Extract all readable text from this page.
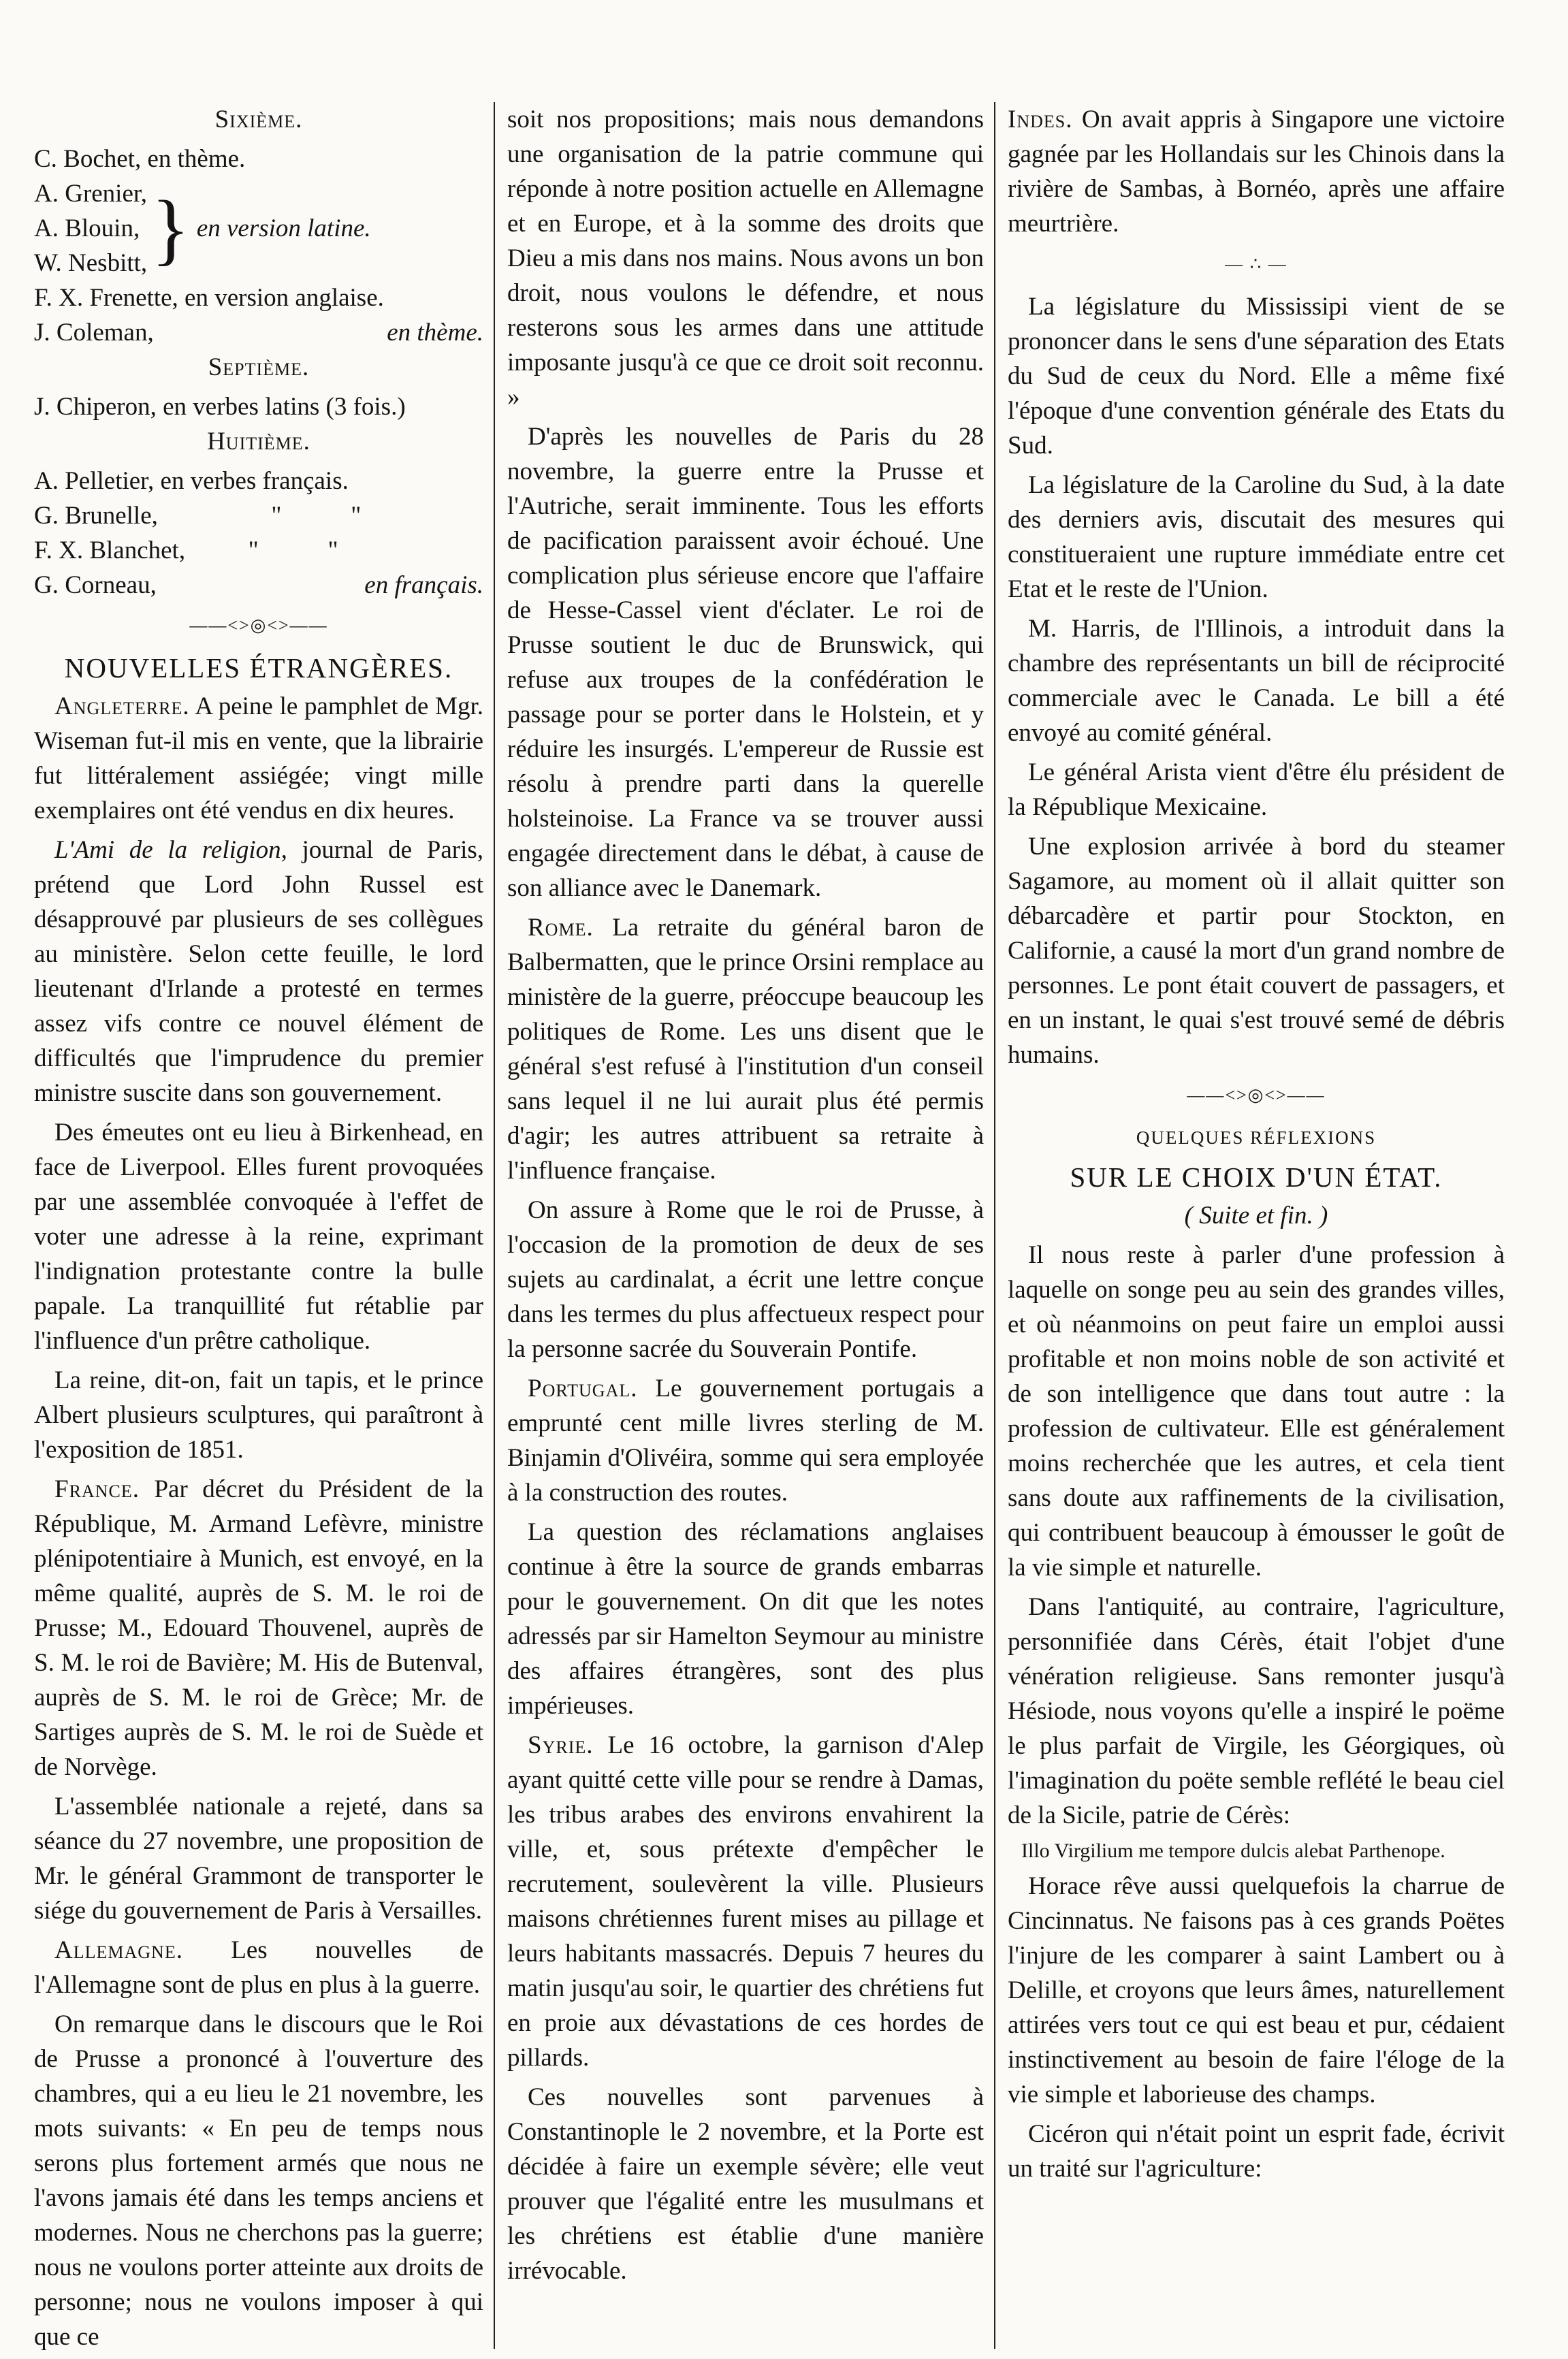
Sixième.

C. Bochet, en thème.
A. Grenier,
A. Blouin,
W. Nesbitt, } en version latine.
F. X. Frenette, en version anglaise.
J. Coleman,	en thème.

Septième.

J. Chiperon, en verbes latins (3 fois.)

Huitième.

A. Pelletier, en verbes français.
G. Brunelle,                  "           "
F. X. Blanchet,          "           "
G. Corneau,	en français.
——<>◎<>——
NOUVELLES ÉTRANGÈRES.

Angleterre. A peine le pamphlet de Mgr. Wiseman fut-il mis en vente, que la librairie fut littéralement assiégée; vingt mille exemplaires ont été vendus en dix heures.

L'Ami de la religion, journal de Paris, prétend que Lord John Russel est désapprouvé par plusieurs de ses collègues au ministère. Selon cette feuille, le lord lieutenant d'Irlande a protesté en termes assez vifs contre ce nouvel élément de difficultés que l'imprudence du premier ministre suscite dans son gouvernement.

Des émeutes ont eu lieu à Birkenhead, en face de Liverpool. Elles furent provoquées par une assemblée convoquée à l'effet de voter une adresse à la reine, exprimant l'indignation protestante contre la bulle papale. La tranquillité fut rétablie par l'influence d'un prêtre catholique.

La reine, dit-on, fait un tapis, et le prince Albert plusieurs sculptures, qui paraîtront à l'exposition de 1851.

France. Par décret du Président de la République, M. Armand Lefèvre, ministre plénipotentiaire à Munich, est envoyé, en la même qualité, auprès de S. M. le roi de Prusse; M., Edouard Thouvenel, auprès de S. M. le roi de Bavière; M. His de Butenval, auprès de S. M. le roi de Grèce; Mr. de Sartiges auprès de S. M. le roi de Suède et de Norvège.

L'assemblée nationale a rejeté, dans sa séance du 27 novembre, une proposition de Mr. le général Grammont de transporter le siége du gouvernement de Paris à Versailles.

Allemagne. Les nouvelles de l'Allemagne sont de plus en plus à la guerre.

On remarque dans le discours que le Roi de Prusse a prononcé à l'ouverture des chambres, qui a eu lieu le 21 novembre, les mots suivants: « En peu de temps nous serons plus fortement armés que nous ne l'avons jamais été dans les temps anciens et modernes. Nous ne cherchons pas la guerre; nous ne voulons porter atteinte aux droits de personne; nous ne voulons imposer à qui que ce

soit nos propositions; mais nous demandons une organisation de la patrie commune qui réponde à notre position actuelle en Allemagne et en Europe, et à la somme des droits que Dieu a mis dans nos mains. Nous avons un bon droit, nous voulons le défendre, et nous resterons sous les armes dans une attitude imposante jusqu'à ce que ce droit soit reconnu. »

D'après les nouvelles de Paris du 28 novembre, la guerre entre la Prusse et l'Autriche, serait imminente. Tous les efforts de pacification paraissent avoir échoué. Une complication plus sérieuse encore que l'affaire de Hesse-Cassel vient d'éclater. Le roi de Prusse soutient le duc de Brunswick, qui refuse aux troupes de la confédération le passage pour se porter dans le Holstein, et y réduire les insurgés. L'empereur de Russie est résolu à prendre parti dans la querelle holsteinoise. La France va se trouver aussi engagée directement dans le débat, à cause de son alliance avec le Danemark.

Rome. La retraite du général baron de Balbermatten, que le prince Orsini remplace au ministère de la guerre, préoccupe beaucoup les politiques de Rome. Les uns disent que le général s'est refusé à l'institution d'un conseil sans lequel il ne lui aurait plus été permis d'agir; les autres attribuent sa retraite à l'influence française.

On assure à Rome que le roi de Prusse, à l'occasion de la promotion de deux de ses sujets au cardinalat, a écrit une lettre conçue dans les termes du plus affectueux respect pour la personne sacrée du Souverain Pontife.

Portugal. Le gouvernement portugais a emprunté cent mille livres sterling de M. Binjamin d'Olivéira, somme qui sera employée à la construction des routes.

La question des réclamations anglaises continue à être la source de grands embarras pour le gouvernement. On dit que les notes adressés par sir Hamelton Seymour au ministre des affaires étrangères, sont des plus impérieuses.

Syrie. Le 16 octobre, la garnison d'Alep ayant quitté cette ville pour se rendre à Damas, les tribus arabes des environs envahirent la ville, et, sous prétexte d'empêcher le recrutement, soulevèrent la ville. Plusieurs maisons chrétiennes furent mises au pillage et leurs habitants massacrés. Depuis 7 heures du matin jusqu'au soir, le quartier des chrétiens fut en proie aux dévastations de ces hordes de pillards.

Ces nouvelles sont parvenues à Constantinople le 2 novembre, et la Porte est décidée à faire un exemple sévère; elle veut prouver que l'égalité entre les musulmans et les chrétiens est établie d'une manière irrévocable.

Indes. On avait appris à Singapore une victoire gagnée par les Hollandais sur les Chinois dans la rivière de Sambas, à Bornéo, après une affaire meurtrière.

— ∴ —

La législature du Mississipi vient de se prononcer dans le sens d'une séparation des Etats du Sud de ceux du Nord. Elle a même fixé l'époque d'une convention générale des Etats du Sud.

La législature de la Caroline du Sud, à la date des derniers avis, discutait des mesures qui constitueraient une rupture immédiate entre cet Etat et le reste de l'Union.

M. Harris, de l'Illinois, a introduit dans la chambre des représentants un bill de réciprocité commerciale avec le Canada. Le bill a été envoyé au comité général.

Le général Arista vient d'être élu président de la République Mexicaine.

Une explosion arrivée à bord du steamer Sagamore, au moment où il allait quitter son débarcadère et partir pour Stockton, en Californie, a causé la mort d'un grand nombre de personnes. Le pont était couvert de passagers, et en un instant, le quai s'est trouvé semé de débris humains.

——<>◎<>——

QUELQUES RÉFLEXIONS

SUR LE CHOIX D'UN ÉTAT.

( Suite et fin. )

Il nous reste à parler d'une profession à laquelle on songe peu au sein des grandes villes, et où néanmoins on peut faire un emploi aussi profitable et non moins noble de son activité et de son intelligence que dans tout autre : la profession de cultivateur. Elle est généralement moins recherchée que les autres, et cela tient sans doute aux raffinements de la civilisation, qui contribuent beaucoup à émousser le goût de la vie simple et naturelle.

Dans l'antiquité, au contraire, l'agriculture, personnifiée dans Cérès, était l'objet d'une vénération religieuse. Sans remonter jusqu'à Hésiode, nous voyons qu'elle a inspiré le poëme le plus parfait de Virgile, les Géorgiques, où l'imagination du poëte semble reflété le beau ciel de la Sicile, patrie de Cérès:

Illo Virgilium me tempore dulcis alebat Parthenope.

Horace rêve aussi quelquefois la charrue de Cincinnatus. Ne faisons pas à ces grands Poëtes l'injure de les comparer à saint Lambert ou à Delille, et croyons que leurs âmes, naturellement attirées vers tout ce qui est beau et pur, cédaient instinctivement au besoin de faire l'éloge de la vie simple et laborieuse des champs.

Cicéron qui n'était point un esprit fade, écrivit un traité sur l'agriculture:
